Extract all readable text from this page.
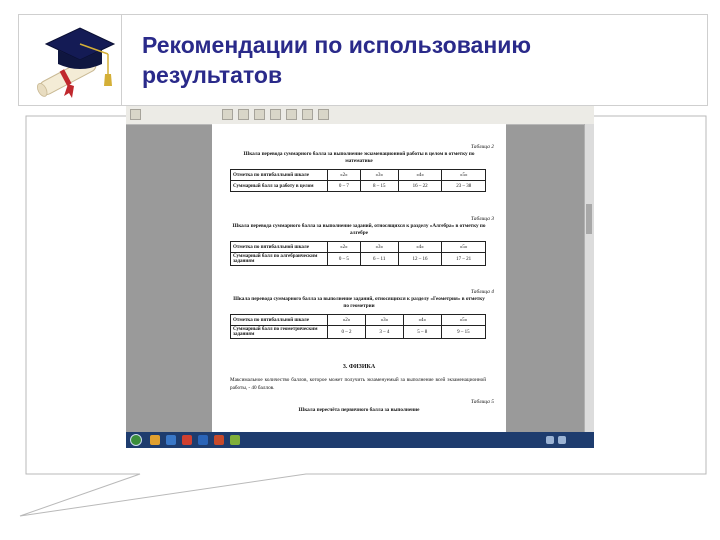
Рекомендации по использованию
результатов
Таблица 2
Шкала перевода суммарного балла за выполнение экзаменационной работы в целом в отметку по математике
Отметка по пятибалльной шкале	«2»	«3»	«4»	«5»
Суммарный балл за работу в целом	0 – 7	8 – 15	16 – 22	23 – 38
Таблица 3
Шкала перевода суммарного балла за выполнение заданий, относящихся к разделу «Алгебра» в отметку по алгебре
Отметка по пятибалльной шкале	«2»	«3»	«4»	«5»
Суммарный балл по алгебраическим заданиям	0 – 5	6 – 11	12 – 16	17 – 21
Таблица 4
Шкала перевода суммарного балла за выполнение заданий, относящихся к разделу «Геометрия» в отметку по геометрии
Отметка по пятибалльной шкале	«2»	«3»	«4»	«5»
Суммарный балл по геометрическим заданиям	0 – 2	3 – 4	5 – 8	9 – 15
3. ФИЗИКА
Максимальное количество баллов, которое может получить экзаменуемый за выполнение всей экзаменационной работы, - 40 баллов.
Таблица 5
Шкала пересчёта первичного балла за выполнение
